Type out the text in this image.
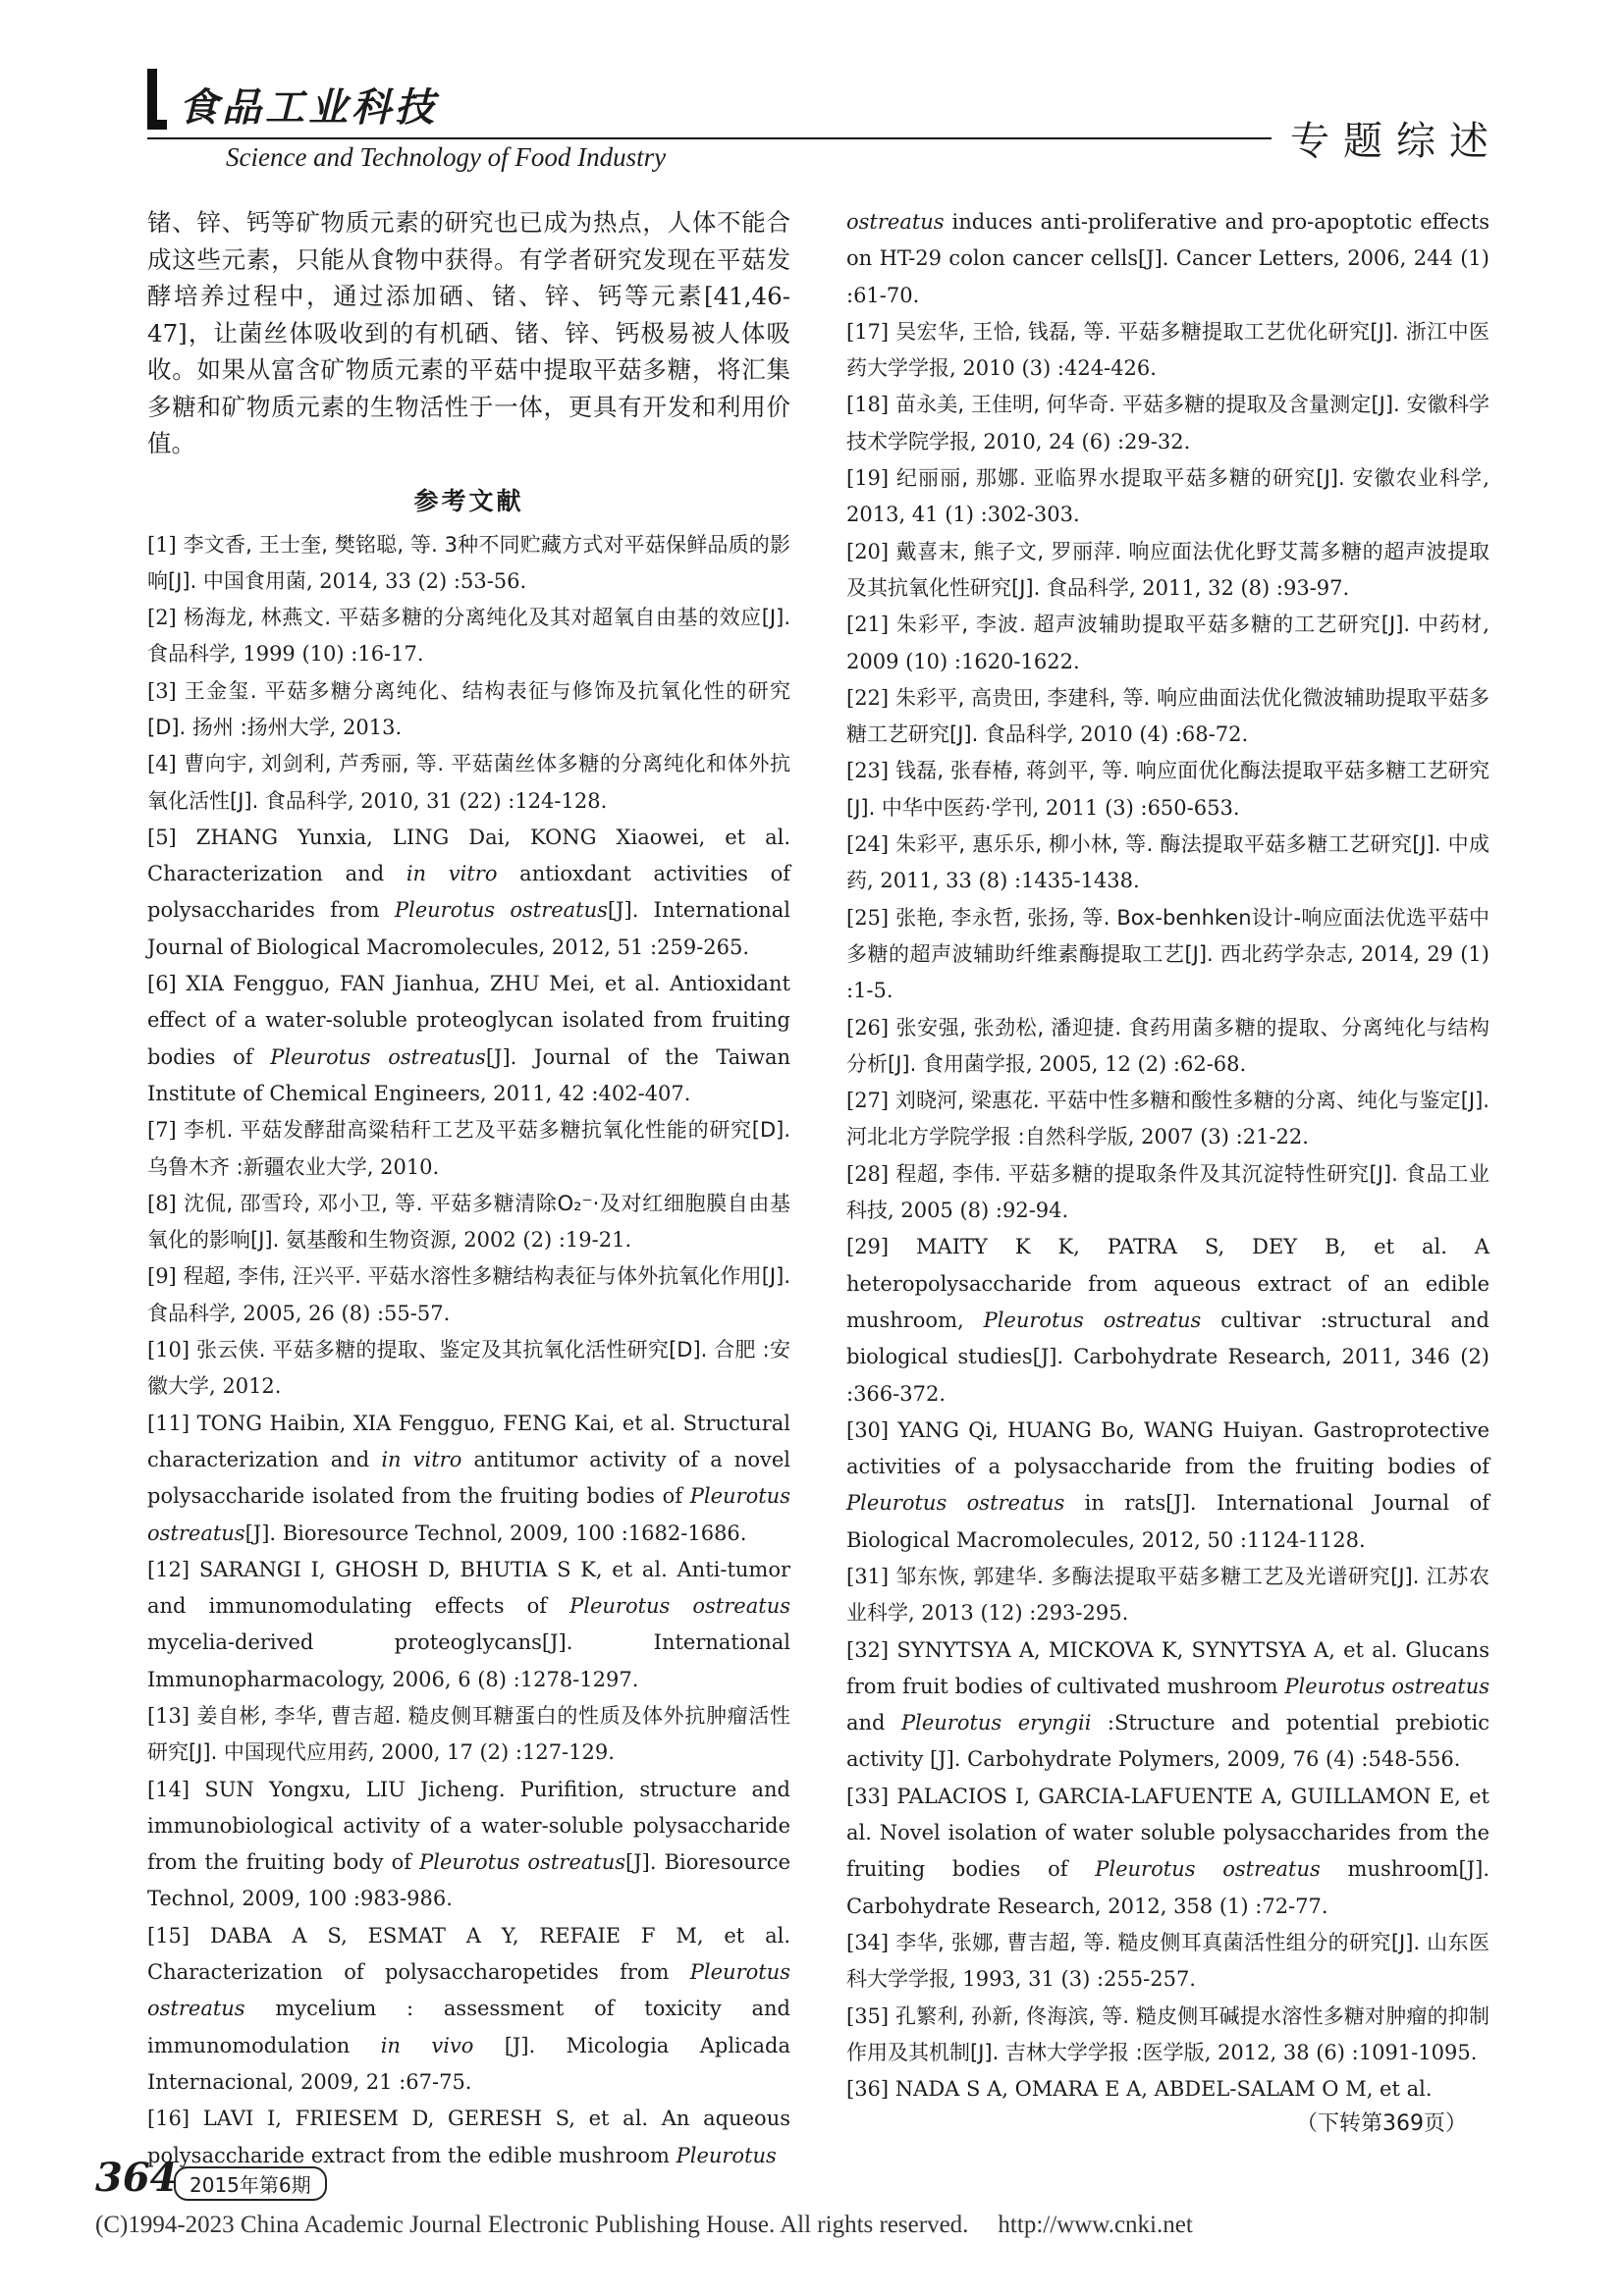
食品工业科技
Science and Technology of Food Industry	专题综述

锗、锌、钙等矿物质元素的研究也已成为热点，人体不能合成这些元素，只能从食物中获得。有学者研究发现在平菇发酵培养过程中，通过添加硒、锗、锌、钙等元素[41,46-47]，让菌丝体吸收到的有机硒、锗、锌、钙极易被人体吸收。如果从富含矿物质元素的平菇中提取平菇多糖，将汇集多糖和矿物质元素的生物活性于一体，更具有开发和利用价值。

参考文献

[1] 李文香, 王士奎, 樊铭聪, 等. 3种不同贮藏方式对平菇保鲜品质的影响[J]. 中国食用菌, 2014, 33 (2) :53-56.

[2] 杨海龙, 林燕文. 平菇多糖的分离纯化及其对超氧自由基的效应[J]. 食品科学, 1999 (10) :16-17.

[3] 王金玺. 平菇多糖分离纯化、结构表征与修饰及抗氧化性的研究[D]. 扬州 :扬州大学, 2013.

[4] 曹向宇, 刘剑利, 芦秀丽, 等. 平菇菌丝体多糖的分离纯化和体外抗氧化活性[J]. 食品科学, 2010, 31 (22) :124-128.

[5] ZHANG Yunxia, LING Dai, KONG Xiaowei, et al. Characterization and in vitro antioxdant activities of polysaccharides from Pleurotus ostreatus[J]. International Journal of Biological Macromolecules, 2012, 51 :259-265.

[6] XIA Fengguo, FAN Jianhua, ZHU Mei, et al. Antioxidant effect of a water-soluble proteoglycan isolated from fruiting bodies of Pleurotus ostreatus[J]. Journal of the Taiwan Institute of Chemical Engineers, 2011, 42 :402-407.

[7] 李机. 平菇发酵甜高粱秸秆工艺及平菇多糖抗氧化性能的研究[D]. 乌鲁木齐 :新疆农业大学, 2010.

[8] 沈侃, 邵雪玲, 邓小卫, 等. 平菇多糖清除O₂⁻·及对红细胞膜自由基氧化的影响[J]. 氨基酸和生物资源, 2002 (2) :19-21.

[9] 程超, 李伟, 汪兴平. 平菇水溶性多糖结构表征与体外抗氧化作用[J]. 食品科学, 2005, 26 (8) :55-57.

[10] 张云侠. 平菇多糖的提取、鉴定及其抗氧化活性研究[D]. 合肥 :安徽大学, 2012.

[11] TONG Haibin, XIA Fengguo, FENG Kai, et al. Structural characterization and in vitro antitumor activity of a novel polysaccharide isolated from the fruiting bodies of Pleurotus ostreatus[J]. Bioresource Technol, 2009, 100 :1682-1686.

[12] SARANGI I, GHOSH D, BHUTIA S K, et al. Anti-tumor and immunomodulating effects of Pleurotus ostreatus mycelia-derived proteoglycans[J]. International Immunopharmacology, 2006, 6 (8) :1278-1297.

[13] 姜自彬, 李华, 曹吉超. 糙皮侧耳糖蛋白的性质及体外抗肿瘤活性研究[J]. 中国现代应用药, 2000, 17 (2) :127-129.

[14] SUN Yongxu, LIU Jicheng. Purifition, structure and immunobiological activity of a water-soluble polysaccharide from the fruiting body of Pleurotus ostreatus[J]. Bioresource Technol, 2009, 100 :983-986.

[15] DABA A S, ESMAT A Y, REFAIE F M, et al. Characterization of polysaccharopetides from Pleurotus ostreatus mycelium : assessment of toxicity and immunomodulation in vivo [J]. Micologia Aplicada Internacional, 2009, 21 :67-75.

[16] LAVI I, FRIESEM D, GERESH S, et al. An aqueous polysaccharide extract from the edible mushroom Pleurotus

ostreatus induces anti-proliferative and pro-apoptotic effects on HT-29 colon cancer cells[J]. Cancer Letters, 2006, 244 (1) :61-70.

[17] 吴宏华, 王恰, 钱磊, 等. 平菇多糖提取工艺优化研究[J]. 浙江中医药大学学报, 2010 (3) :424-426.

[18] 苗永美, 王佳明, 何华奇. 平菇多糖的提取及含量测定[J]. 安徽科学技术学院学报, 2010, 24 (6) :29-32.

[19] 纪丽丽, 那娜. 亚临界水提取平菇多糖的研究[J]. 安徽农业科学, 2013, 41 (1) :302-303.

[20] 戴喜末, 熊子文, 罗丽萍. 响应面法优化野艾蒿多糖的超声波提取及其抗氧化性研究[J]. 食品科学, 2011, 32 (8) :93-97.

[21] 朱彩平, 李波. 超声波辅助提取平菇多糖的工艺研究[J]. 中药材, 2009 (10) :1620-1622.

[22] 朱彩平, 高贵田, 李建科, 等. 响应曲面法优化微波辅助提取平菇多糖工艺研究[J]. 食品科学, 2010 (4) :68-72.

[23] 钱磊, 张春椿, 蒋剑平, 等. 响应面优化酶法提取平菇多糖工艺研究[J]. 中华中医药·学刊, 2011 (3) :650-653.

[24] 朱彩平, 惠乐乐, 柳小林, 等. 酶法提取平菇多糖工艺研究[J]. 中成药, 2011, 33 (8) :1435-1438.

[25] 张艳, 李永哲, 张扬, 等. Box-benhken设计-响应面法优选平菇中多糖的超声波辅助纤维素酶提取工艺[J]. 西北药学杂志, 2014, 29 (1) :1-5.

[26] 张安强, 张劲松, 潘迎捷. 食药用菌多糖的提取、分离纯化与结构分析[J]. 食用菌学报, 2005, 12 (2) :62-68.

[27] 刘晓河, 梁惠花. 平菇中性多糖和酸性多糖的分离、纯化与鉴定[J]. 河北北方学院学报 :自然科学版, 2007 (3) :21-22.

[28] 程超, 李伟. 平菇多糖的提取条件及其沉淀特性研究[J]. 食品工业科技, 2005 (8) :92-94.

[29] MAITY K K, PATRA S, DEY B, et al. A heteropolysaccharide from aqueous extract of an edible mushroom, Pleurotus ostreatus cultivar :structural and biological studies[J]. Carbohydrate Research, 2011, 346 (2) :366-372.

[30] YANG Qi, HUANG Bo, WANG Huiyan. Gastroprotective activities of a polysaccharide from the fruiting bodies of Pleurotus ostreatus in rats[J]. International Journal of Biological Macromolecules, 2012, 50 :1124-1128.

[31] 邹东恢, 郭建华. 多酶法提取平菇多糖工艺及光谱研究[J]. 江苏农业科学, 2013 (12) :293-295.

[32] SYNYTSYA A, MICKOVA K, SYNYTSYA A, et al. Glucans from fruit bodies of cultivated mushroom Pleurotus ostreatus and Pleurotus eryngii :Structure and potential prebiotic activity [J]. Carbohydrate Polymers, 2009, 76 (4) :548-556.

[33] PALACIOS I, GARCIA-LAFUENTE A, GUILLAMON E, et al. Novel isolation of water soluble polysaccharides from the fruiting bodies of Pleurotus ostreatus mushroom[J]. Carbohydrate Research, 2012, 358 (1) :72-77.

[34] 李华, 张娜, 曹吉超, 等. 糙皮侧耳真菌活性组分的研究[J]. 山东医科大学学报, 1993, 31 (3) :255-257.

[35] 孔繁利, 孙新, 佟海滨, 等. 糙皮侧耳碱提水溶性多糖对肿瘤的抑制作用及其机制[J]. 吉林大学学报 :医学版, 2012, 38 (6) :1091-1095.

[36] NADA S A, OMARA E A, ABDEL-SALAM O M, et al.

（下转第369页）
364 2015年第6期
(C)1994-2023 China Academic Journal Electronic Publishing House. All rights reserved. http://www.cnki.net
